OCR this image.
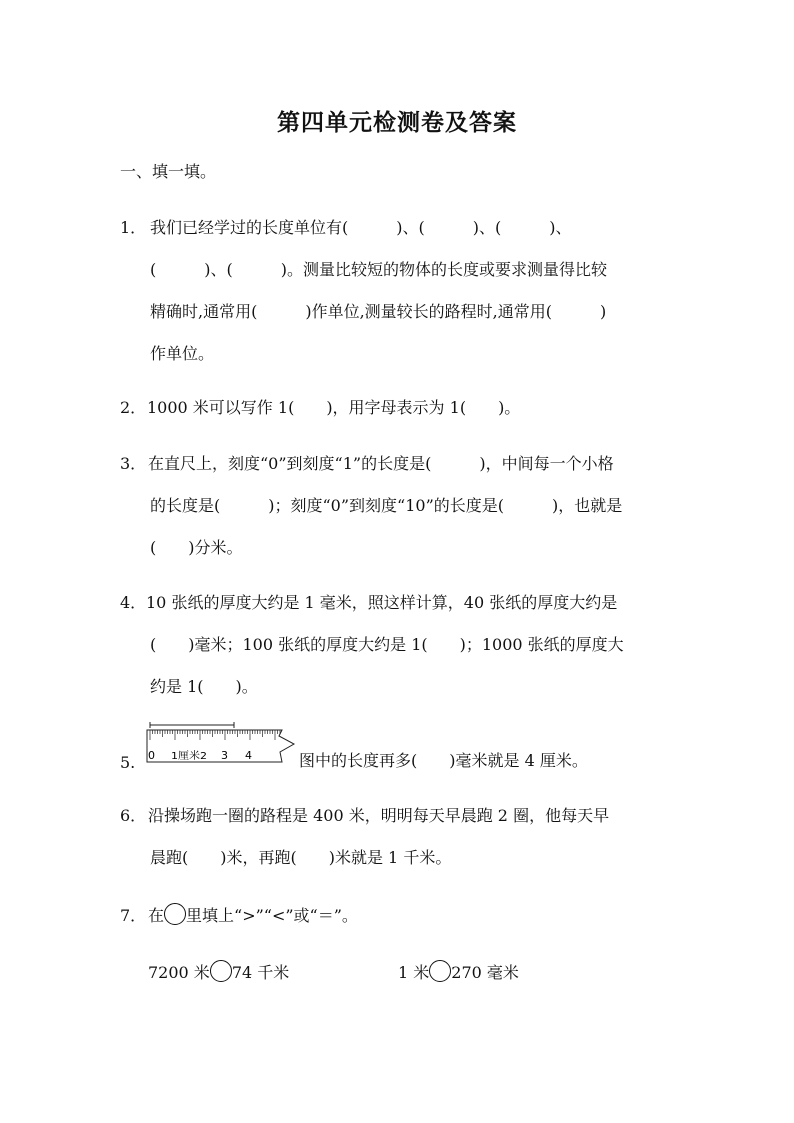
第四单元检测卷及答案
一、填一填。
1． 我们已经学过的长度单位有(　　　)、(　　　)、(　　　)、
(　　　)、(　　　)。测量比较短的物体的长度或要求测量得比较
精确时,通常用(　　　)作单位,测量较长的路程时,通常用(　　　)
作单位。
2．1000 米可以写作 1(　　)，用字母表示为 1(　　)。
3． 在直尺上，刻度“0”到刻度“1”的长度是(　　　)，中间每一个小格
的长度是(　　　)；刻度“0”到刻度“10”的长度是(　　　)，也就是
(　　)分米。
4．10 张纸的厚度大约是 1 毫米，照这样计算，40 张纸的厚度大约是
(　　)毫米；100 张纸的厚度大约是 1(　　)；1000 张纸的厚度大
约是 1(　　)。
5. 0 1厘米2 3 4	图中的长度再多(　　)毫米就是 4 厘米。
6． 沿操场跑一圈的路程是 400 米，明明每天早晨跑 2 圈，他每天早
晨跑(　　)米，再跑(　　)米就是 1 千米。
7． 在 里填上“>”“<”或“＝”。
7200 米 74 千米	1 米 270 毫米
